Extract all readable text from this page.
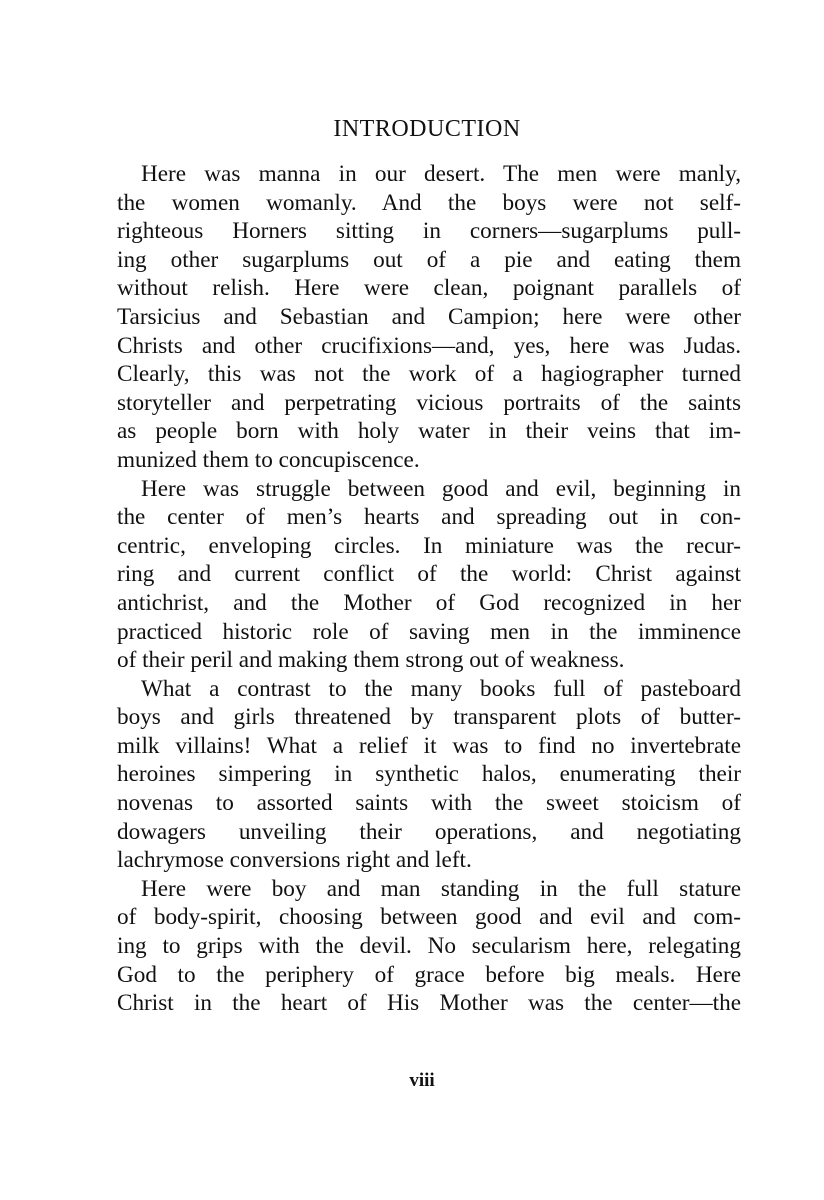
INTRODUCTION

Here was manna in our desert. The men were manly,
the women womanly. And the boys were not self-
righteous Horners sitting in corners—sugarplums pull-
ing other sugarplums out of a pie and eating them
without relish. Here were clean, poignant parallels of
Tarsicius and Sebastian and Campion; here were other
Christs and other crucifixions—and, yes, here was Judas.
Clearly, this was not the work of a hagiographer turned
storyteller and perpetrating vicious portraits of the saints
as people born with holy water in their veins that im-
munized them to concupiscence.

Here was struggle between good and evil, beginning in
the center of men’s hearts and spreading out in con-
centric, enveloping circles. In miniature was the recur-
ring and current conflict of the world: Christ against
antichrist, and the Mother of God recognized in her
practiced historic role of saving men in the imminence
of their peril and making them strong out of weakness.

What a contrast to the many books full of pasteboard
boys and girls threatened by transparent plots of butter-
milk villains! What a relief it was to find no invertebrate
heroines simpering in synthetic halos, enumerating their
novenas to assorted saints with the sweet stoicism of
dowagers unveiling their operations, and negotiating
lachrymose conversions right and left.

Here were boy and man standing in the full stature
of body-spirit, choosing between good and evil and com-
ing to grips with the devil. No secularism here, relegating
God to the periphery of grace before big meals. Here
Christ in the heart of His Mother was the center—the

viii
